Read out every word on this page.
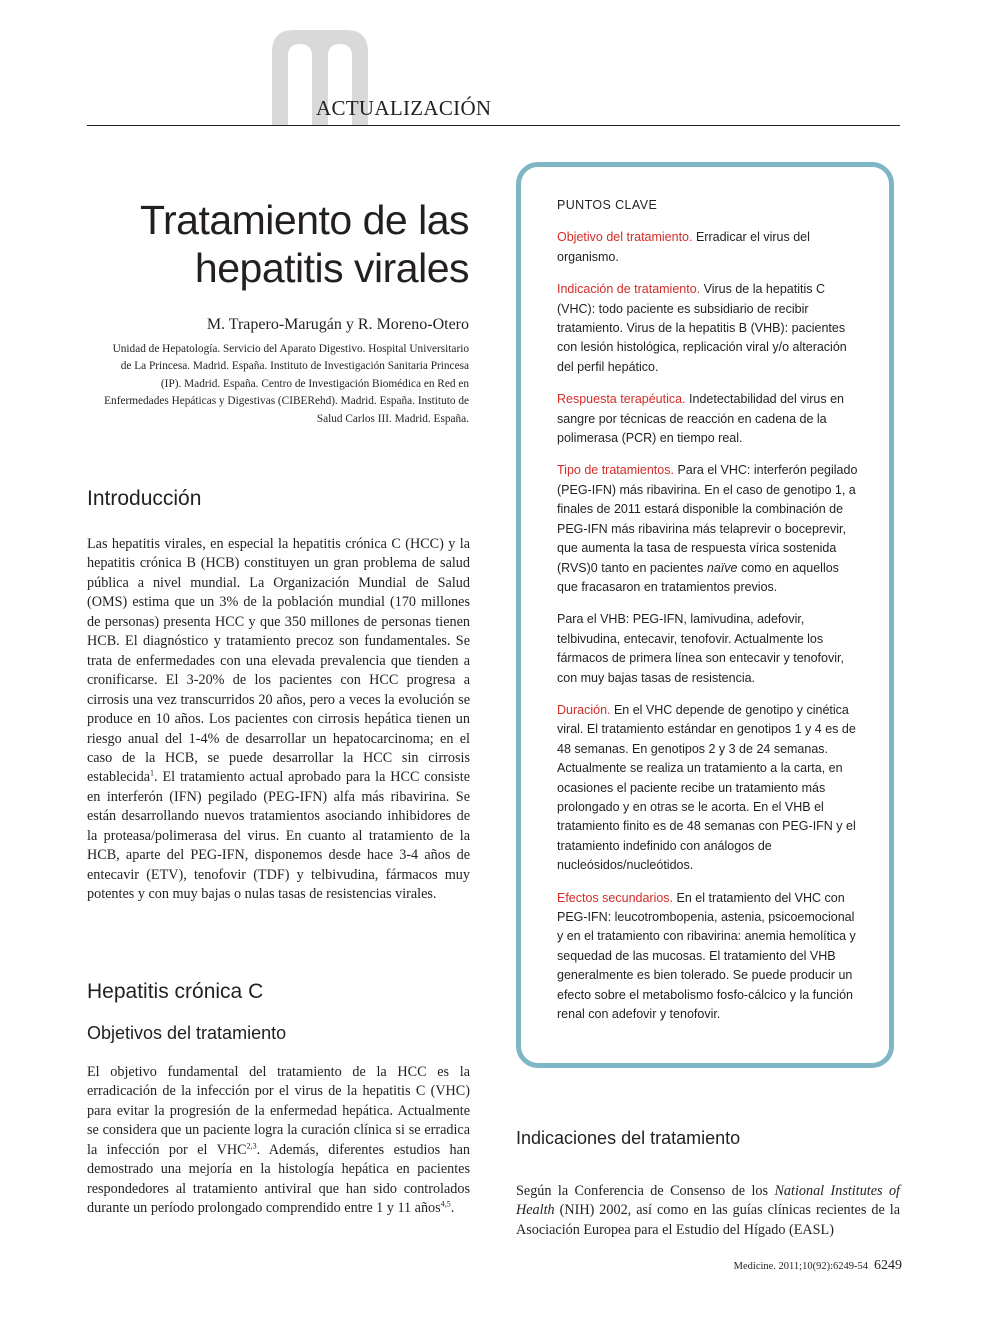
ACTUALIZACIÓN
Tratamiento de las
hepatitis virales
M. Trapero-Marugán y R. Moreno-Otero
Unidad de Hepatología. Servicio del Aparato Digestivo. Hospital Universitario
de La Princesa. Madrid. España. Instituto de Investigación Sanitaria Princesa
(IP). Madrid. España. Centro de Investigación Biomédica en Red en
Enfermedades Hepáticas y Digestivas (CIBERehd). Madrid. España. Instituto de
Salud Carlos III. Madrid. España.
Introducción

Las hepatitis virales, en especial la hepatitis crónica C (HCC) y la hepatitis crónica B (HCB) constituyen un gran problema de salud pública a nivel mundial. La Organización Mundial de Salud (OMS) estima que un 3% de la población mundial (170 millones de personas) presenta HCC y que 350 millones de personas tienen HCB. El diagnóstico y tratamiento precoz son fundamentales. Se trata de enfermedades con una elevada prevalencia que tienden a cronificarse. El 3-20% de los pacientes con HCC progresa a cirrosis una vez transcurridos 20 años, pero a veces la evolución se produce en 10 años. Los pacientes con cirrosis hepática tienen un riesgo anual del 1-4% de desarrollar un hepatocarcinoma; en el caso de la HCB, se puede desarrollar la HCC sin cirrosis establecida$^1$. El tratamiento actual aprobado para la HCC consiste en interferón (IFN) pegilado (PEG-IFN) alfa más ribavirina. Se están desarrollando nuevos tratamientos asociando inhibidores de la proteasa/polimerasa del virus. En cuanto al tratamiento de la HCB, aparte del PEG-IFN, disponemos desde hace 3-4 años de entecavir (ETV), tenofovir (TDF) y telbivudina, fármacos muy potentes y con muy bajas o nulas tasas de resistencias virales.

Hepatitis crónica C
Objetivos del tratamiento

El objetivo fundamental del tratamiento de la HCC es la erradicación de la infección por el virus de la hepatitis C (VHC) para evitar la progresión de la enfermedad hepática. Actualmente se considera que un paciente logra la curación clínica si se erradica la infección por el VHC$^{2,3}$. Además, diferentes estudios han demostrado una mejoría en la histología hepática en pacientes respondedores al tratamiento antiviral que han sido controlados durante un período prolongado comprendido entre 1 y 11 años$^{4,5}$.

PUNTOS CLAVE

Objetivo del tratamiento. Erradicar el virus del organismo.

Indicación de tratamiento. Virus de la hepatitis C (VHC): todo paciente es subsidiario de recibir tratamiento. Virus de la hepatitis B (VHB): pacientes con lesión histológica, replicación viral y/o alteración del perfil hepático.

Respuesta terapéutica. Indetectabilidad del virus en sangre por técnicas de reacción en cadena de la polimerasa (PCR) en tiempo real.

Tipo de tratamientos. Para el VHC: interferón pegilado (PEG-IFN) más ribavirina. En el caso de genotipo 1, a finales de 2011 estará disponible la combinación de PEG-IFN más ribavirina más telaprevir o boceprevir, que aumenta la tasa de respuesta vírica sostenida (RVS)0 tanto en pacientes naïve como en aquellos que fracasaron en tratamientos previos.

Para el VHB: PEG-IFN, lamivudina, adefovir, telbivudina, entecavir, tenofovir. Actualmente los fármacos de primera línea son entecavir y tenofovir, con muy bajas tasas de resistencia.

Duración. En el VHC depende de genotipo y cinética viral. El tratamiento estándar en genotipos 1 y 4 es de 48 semanas. En genotipos 2 y 3 de 24 semanas. Actualmente se realiza un tratamiento a la carta, en ocasiones el paciente recibe un tratamiento más prolongado y en otras se le acorta. En el VHB el tratamiento finito es de 48 semanas con PEG-IFN y el tratamiento indefinido con análogos de nucleósidos/nucleótidos.

Efectos secundarios. En el tratamiento del VHC con PEG-IFN: leucotrombopenia, astenia, psicoemocional y en el tratamiento con ribavirina: anemia hemolítica y sequedad de las mucosas. El tratamiento del VHB generalmente es bien tolerado. Se puede producir un efecto sobre el metabolismo fosfo-cálcico y la función renal con adefovir y tenofovir.

Indicaciones del tratamiento

Según la Conferencia de Consenso de los National Institutes of Health (NIH) 2002, así como en las guías clínicas recientes de la Asociación Europea para el Estudio del Hígado (EASL)

Medicine. 2011;10(92):6249-54 6249
